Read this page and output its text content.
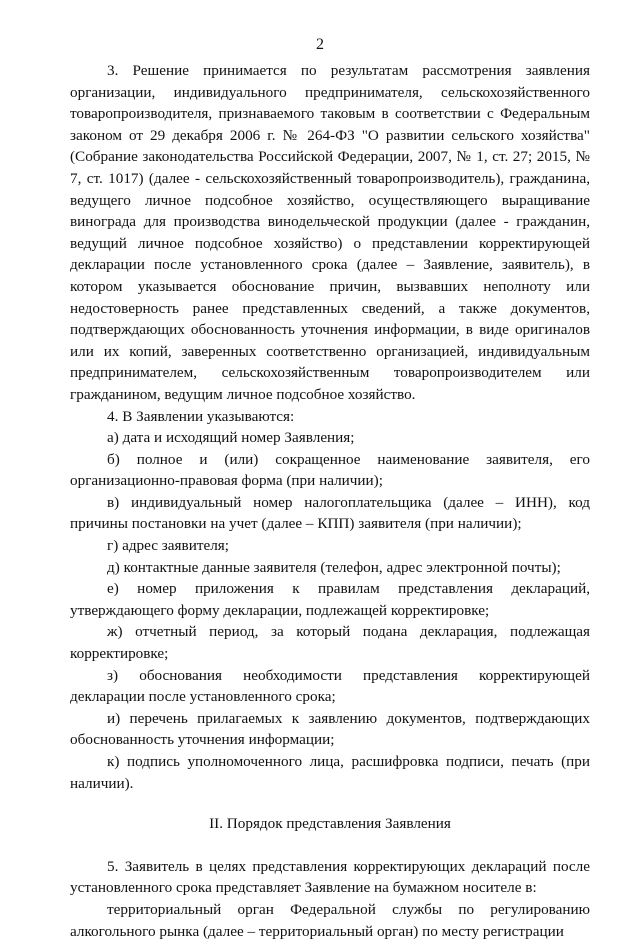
2

3. Решение принимается по результатам рассмотрения заявления организации, индивидуального предпринимателя, сельскохозяйственного товаропроизводителя, признаваемого таковым в соответствии с Федеральным законом от 29 декабря 2006 г. № 264-ФЗ "О развитии сельского хозяйства" (Собрание законодательства Российской Федерации, 2007, № 1, ст. 27; 2015, № 7, ст. 1017) (далее - сельскохозяйственный товаропроизводитель), гражданина, ведущего личное подсобное хозяйство, осуществляющего выращивание винограда для производства винодельческой продукции (далее - гражданин, ведущий личное подсобное хозяйство) о представлении корректирующей декларации после установленного срока (далее – Заявление, заявитель), в котором указывается обоснование причин, вызвавших неполноту или недостоверность ранее представленных сведений, а также документов, подтверждающих обоснованность уточнения информации, в виде оригиналов или их копий, заверенных соответственно организацией, индивидуальным предпринимателем, сельскохозяйственным товаропроизводителем или гражданином, ведущим личное подсобное хозяйство.

4. В Заявлении указываются:

а) дата и исходящий номер Заявления;

б) полное и (или) сокращенное наименование заявителя, его организационно-правовая форма (при наличии);

в) индивидуальный номер налогоплательщика (далее – ИНН), код причины постановки на учет (далее – КПП) заявителя (при наличии);

г) адрес заявителя;

д) контактные данные заявителя (телефон, адрес электронной почты);

е) номер приложения к правилам представления деклараций, утверждающего форму декларации, подлежащей корректировке;

ж) отчетный период, за который подана декларация, подлежащая корректировке;

з) обоснования необходимости представления корректирующей декларации после установленного срока;

и) перечень прилагаемых к заявлению документов, подтверждающих обоснованность уточнения информации;

к) подпись уполномоченного лица, расшифровка подписи, печать (при наличии).

II. Порядок представления Заявления

5. Заявитель в целях представления корректирующих деклараций после установленного срока представляет Заявление на бумажном носителе в:

территориальный орган Федеральной службы по регулированию алкогольного рынка (далее – территориальный орган) по месту регистрации
